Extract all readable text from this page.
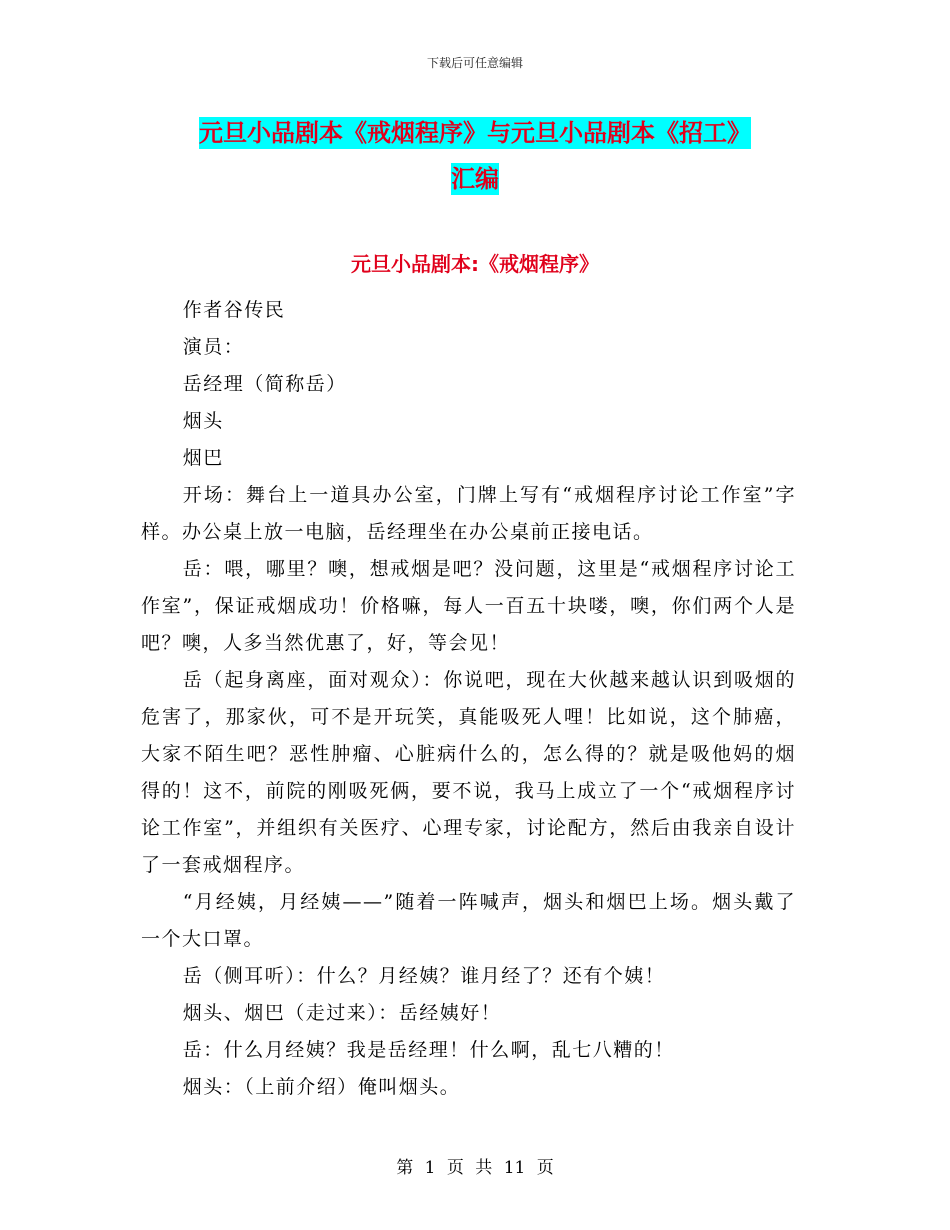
下载后可任意编辑
元旦小品剧本《戒烟程序》与元旦小品剧本《招工》
汇编
元旦小品剧本:《戒烟程序》

作者谷传民

演员：

岳经理（简称岳）

烟头

烟巴

开场：舞台上一道具办公室，门牌上写有“戒烟程序讨论工作室”字样。办公桌上放一电脑，岳经理坐在办公桌前正接电话。

岳：喂，哪里？噢，想戒烟是吧？没问题，这里是“戒烟程序讨论工作室”，保证戒烟成功！价格嘛，每人一百五十块喽，噢，你们两个人是吧？噢，人多当然优惠了，好，等会见！

岳（起身离座，面对观众）：你说吧，现在大伙越来越认识到吸烟的危害了，那家伙，可不是开玩笑，真能吸死人哩！比如说，这个肺癌，大家不陌生吧？恶性肿瘤、心脏病什么的，怎么得的？就是吸他妈的烟得的！这不，前院的刚吸死俩，要不说，我马上成立了一个“戒烟程序讨论工作室”，并组织有关医疗、心理专家，讨论配方，然后由我亲自设计了一套戒烟程序。

“月经姨，月经姨——”随着一阵喊声，烟头和烟巴上场。烟头戴了一个大口罩。

岳（侧耳听）：什么？月经姨？谁月经了？还有个姨！

烟头、烟巴（走过来）：岳经姨好！

岳：什么月经姨？我是岳经理！什么啊，乱七八糟的！

烟头：（上前介绍）俺叫烟头。

第 1 页 共 11 页
